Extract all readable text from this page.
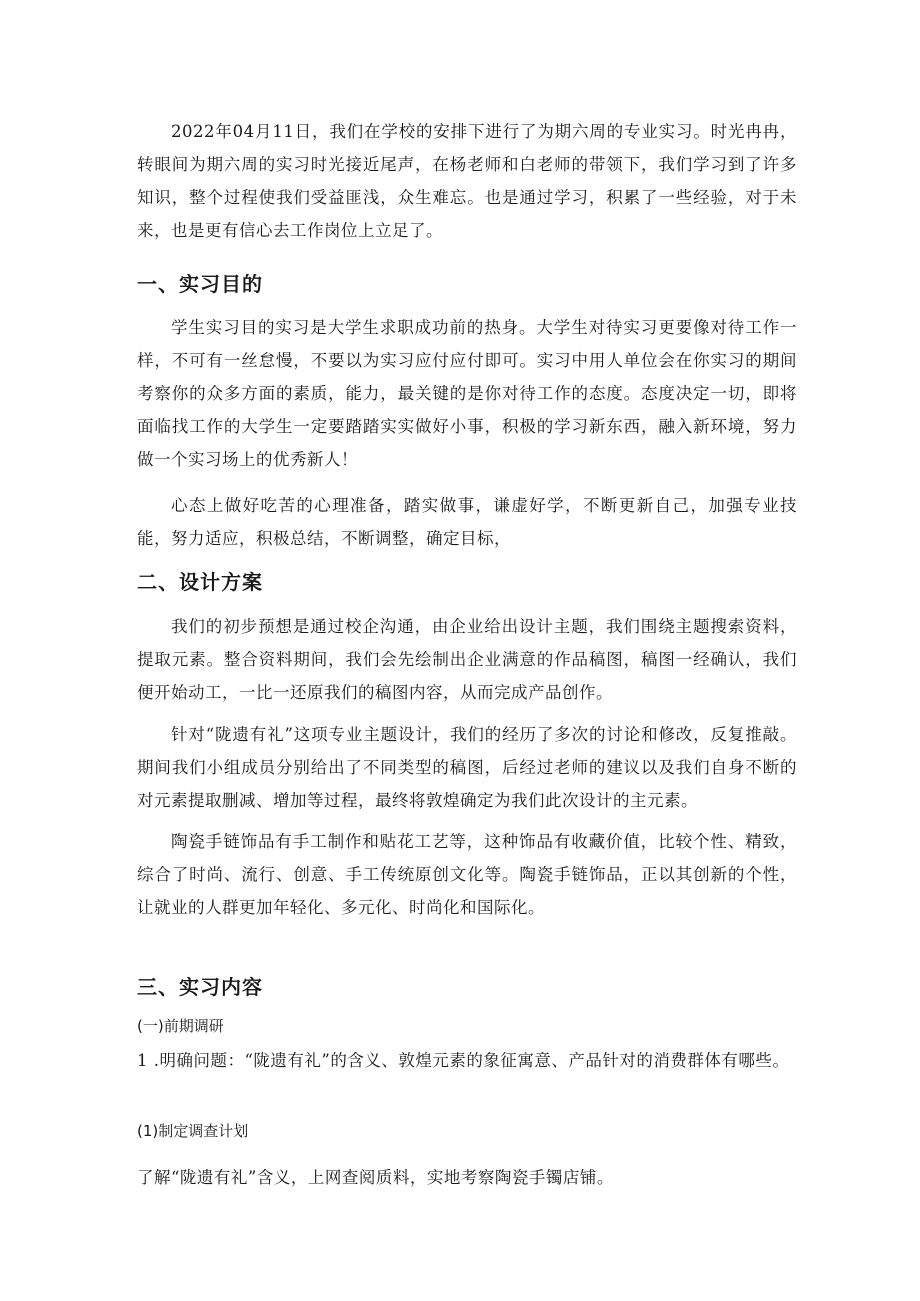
2022年04月11日，我们在学校的安排下进行了为期六周的专业实习。时光冉冉，转眼间为期六周的实习时光接近尾声，在杨老师和白老师的带领下，我们学习到了许多知识，整个过程使我们受益匪浅，众生难忘。也是通过学习，积累了一些经验，对于未来，也是更有信心去工作岗位上立足了。

一、实习目的

学生实习目的实习是大学生求职成功前的热身。大学生对待实习更要像对待工作一样，不可有一丝怠慢，不要以为实习应付应付即可。实习中用人单位会在你实习的期间考察你的众多方面的素质，能力，最关键的是你对待工作的态度。态度决定一切，即将面临找工作的大学生一定要踏踏实实做好小事，积极的学习新东西，融入新环境，努力做一个实习场上的优秀新人！

心态上做好吃苦的心理准备，踏实做事，谦虚好学，不断更新自己，加强专业技能，努力适应，积极总结，不断调整，确定目标，

二、设计方案

我们的初步预想是通过校企沟通，由企业给出设计主题，我们围绕主题搜索资料，提取元素。整合资料期间，我们会先绘制出企业满意的作品稿图，稿图一经确认，我们便开始动工，一比一还原我们的稿图内容，从而完成产品创作。

针对“陇遗有礼”这项专业主题设计，我们的经历了多次的讨论和修改，反复推敲。期间我们小组成员分别给出了不同类型的稿图，后经过老师的建议以及我们自身不断的对元素提取删减、增加等过程，最终将敦煌确定为我们此次设计的主元素。

陶瓷手链饰品有手工制作和贴花工艺等，这种饰品有收藏价值，比较个性、精致，综合了时尚、流行、创意、手工传统原创文化等。陶瓷手链饰品，正以其创新的个性，让就业的人群更加年轻化、多元化、时尚化和国际化。

三、实习内容

(一)前期调研

1 .明确问题：“陇遗有礼”的含义、敦煌元素的象征寓意、产品针对的消费群体有哪些。

(1)制定调查计划

了解“陇遗有礼”含义，上网查阅质料，实地考察陶瓷手镯店铺。
